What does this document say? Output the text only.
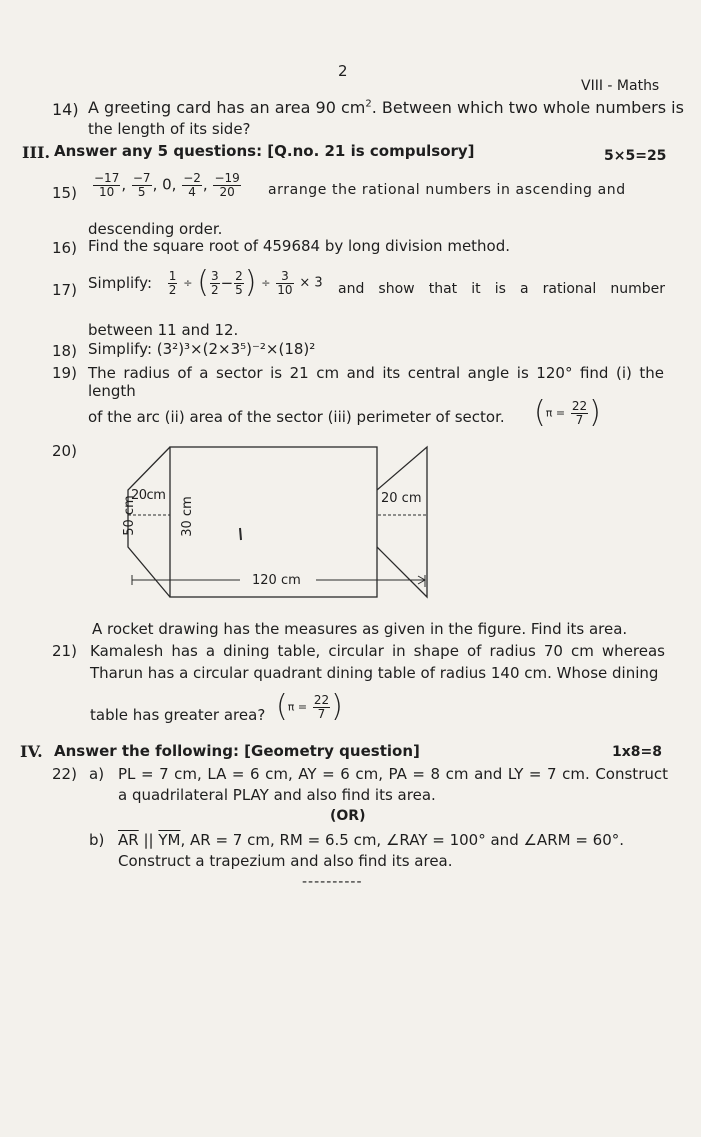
2
VIII - Maths
14) A greeting card has an area 90 $cm^2$. Between which two whole numbers is
the length of its side?
III. Answer any 5 questions: [Q.no. 21 is compulsory]	5×5=25
$15) \frac{-17}{10}$ , $\frac{-7}{5}$ , 0, $\frac{-2}{4}$ , $\frac{-19}{20}$ arrange the rational numbers in ascending and
descending order.
16) Find the square root of 459684 by long division method.
17) Simplify: $\frac{1}{2}$ ÷ ( $\frac{3}{2} - \frac{2}{5}$ ) ÷ $\frac{3}{10} \times 3$ and show that it is a rational number
between 11 and 12.
18) Simplify: (3²)³×(2×3⁵)⁻²×(18)²
19) The radius of a sector is 21 cm and its central angle is 120° find (i) the length
of the arc (ii) area of the sector (iii) perimeter of sector. ($\pi = \frac{22}{7}$ )
20)
50 cm	30 cm
20cm	20 cm
120 cm
A rocket drawing has the measures as given in the figure. Find its area.
21) Kamalesh has a dining table, circular in shape of radius 70 cm whereas
Tharun has a circular quadrant dining table of radius 140 cm. Whose dining
table has greater area? ($\pi = \frac{22}{7}$ )
IV. Answer the following: [Geometry question]	1x8=8
22) a) PL = 7 cm, LA = 6 cm, AY = 6 cm, PA = 8 cm and LY = 7 cm. Construct
a quadrilateral PLAY and also find its area.
(OR)
b) $\overline{AR}$ || $\overline{YM}$, AR = 7 cm, RM = 6.5 cm, ∠RAY = 100° and ∠ARM = 60°.
Construct a trapezium and also find its area.
----------
